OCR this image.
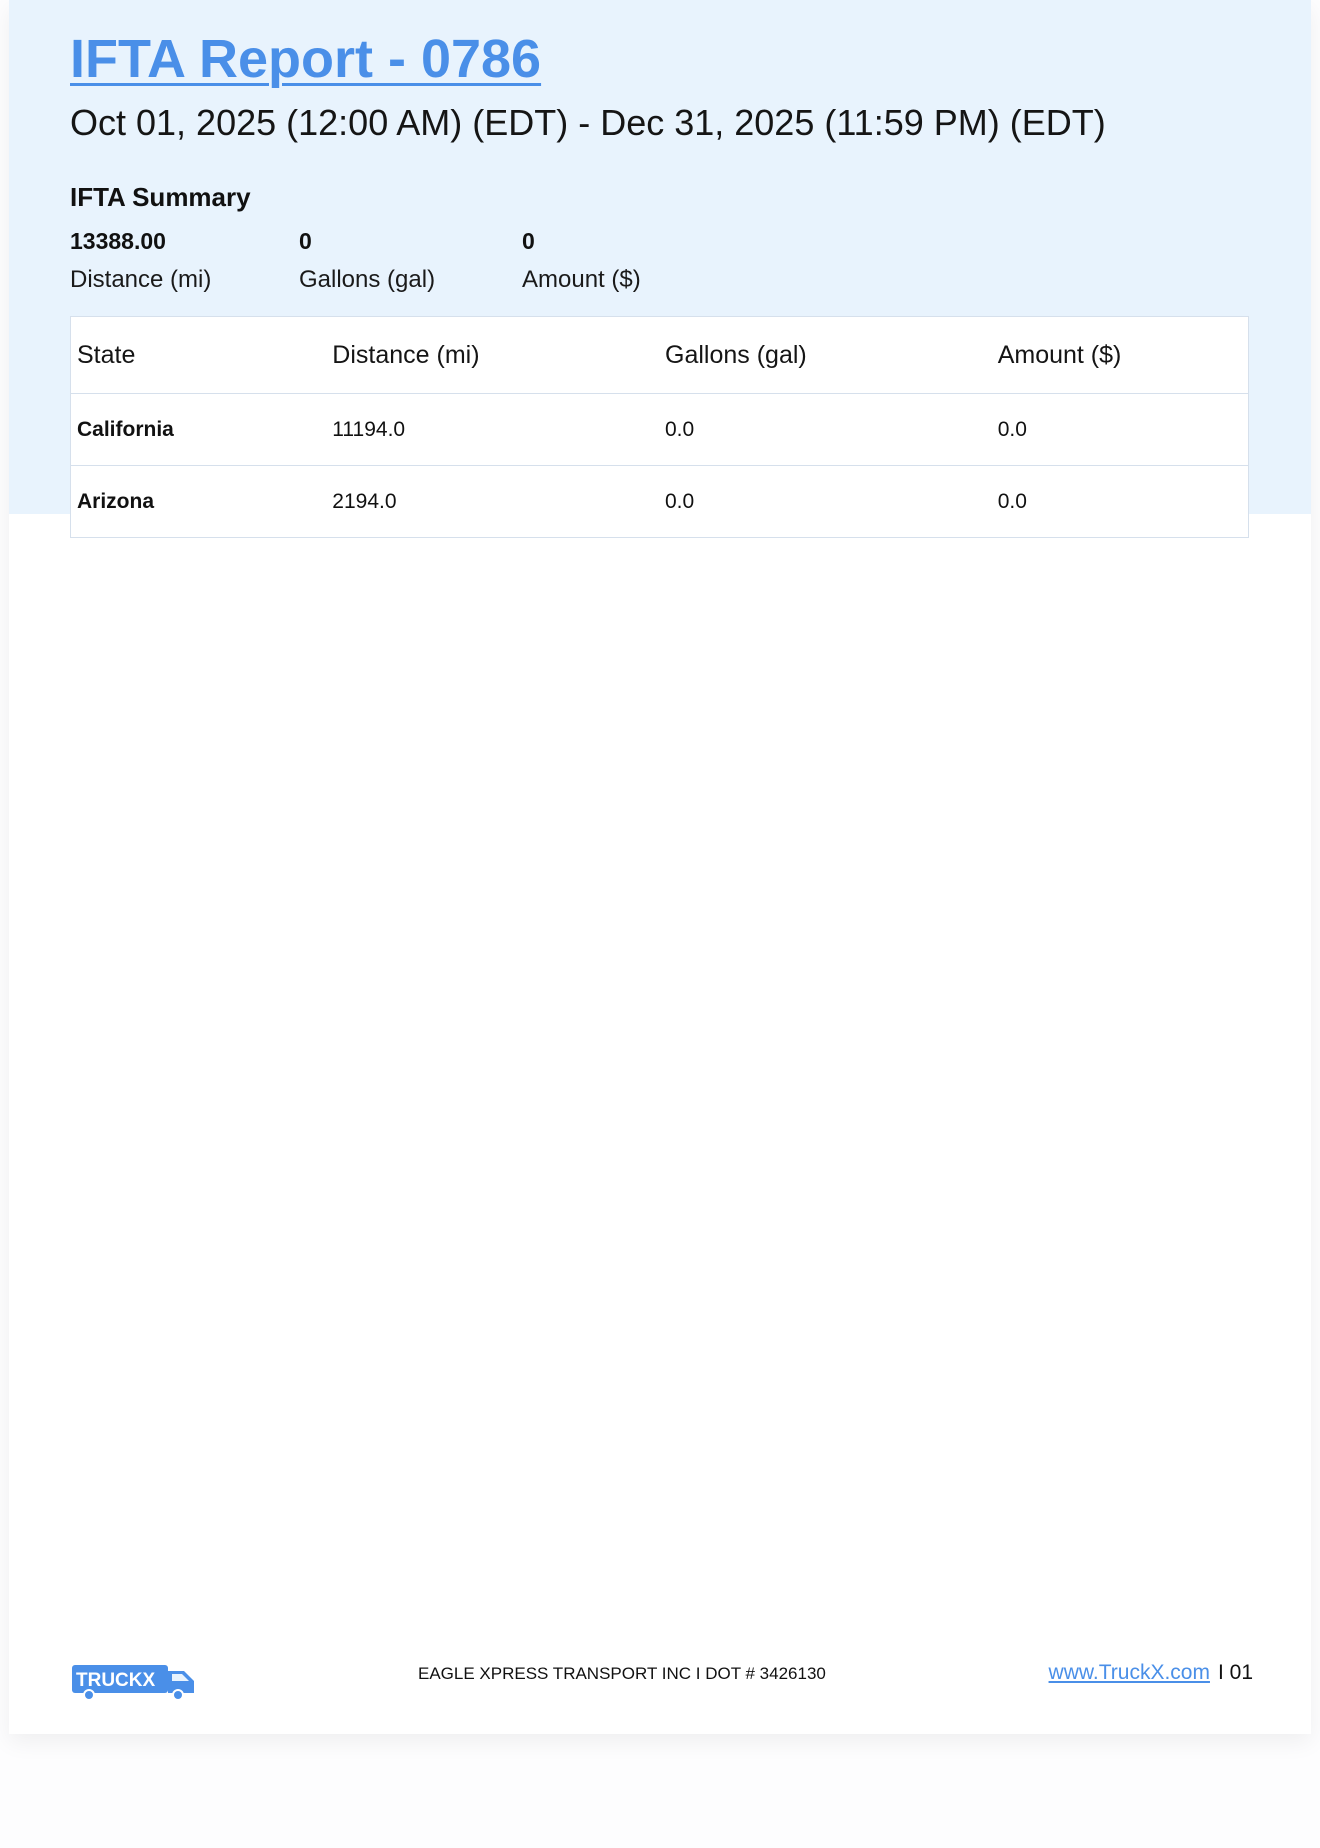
IFTA Report - 0786
Oct 01, 2025 (12:00 AM) (EDT) - Dec 31, 2025 (11:59 PM) (EDT)
IFTA Summary
13388.00
Distance (mi)
0
Gallons (gal)
0
Amount ($)
State	Distance (mi)	Gallons (gal)	Amount ($)
California	11194.0	0.0	0.0
Arizona	2194.0	0.0	0.0
TRUCKX	EAGLE XPRESS TRANSPORT INC I DOT # 3426130	www.TruckX.com I 01
